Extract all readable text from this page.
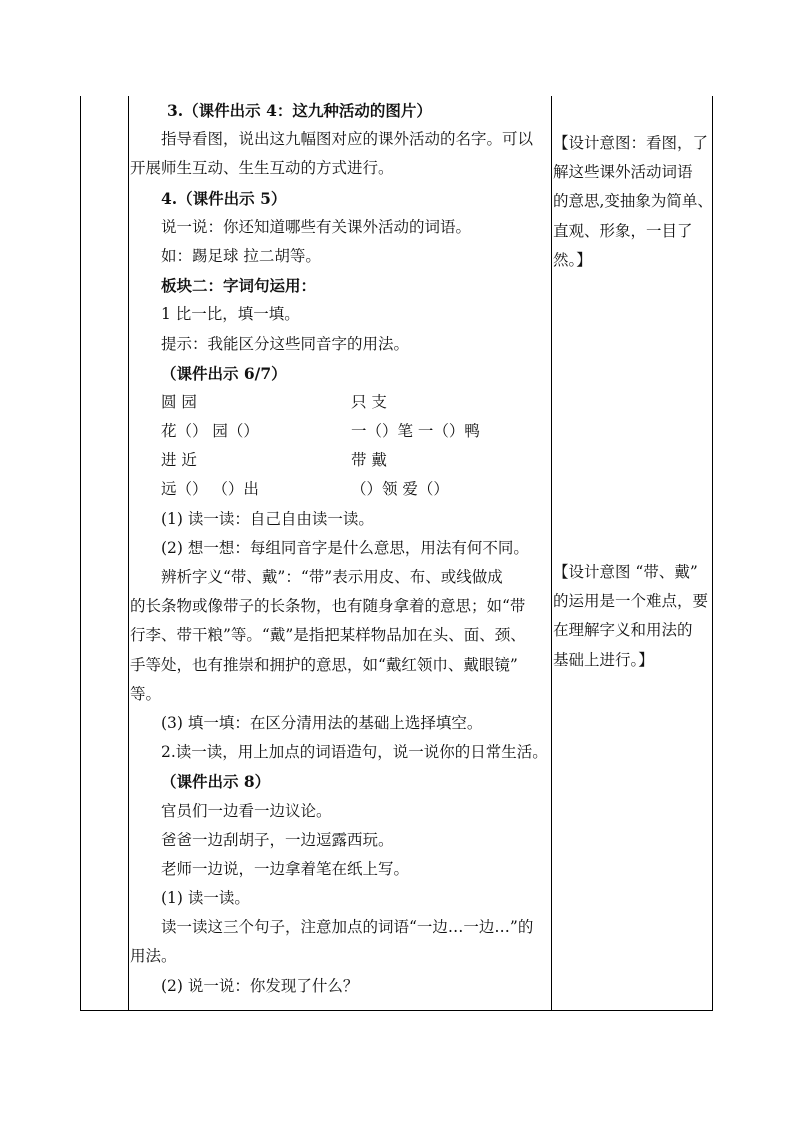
3.（课件出示 4：这九种活动的图片）
指导看图，说出这九幅图对应的课外活动的名字。可以
开展师生互动、生生互动的方式进行。
4.（课件出示 5）
说一说：你还知道哪些有关课外活动的词语。
如：踢足球 拉二胡等。
板块二：字词句运用：
1 比一比，填一填。
提示：我能区分这些同音字的用法。
（课件出示 6/7）
圆 园	只 支
花（） 园（）	一（）笔 一（）鸭
进 近	带 戴
远（） （）出	（）领 爱（）
(1) 读一读：自己自由读一读。
(2) 想一想：每组同音字是什么意思，用法有何不同。
辨析字义“带、戴”：“带”表示用皮、布、或线做成
的长条物或像带子的长条物，也有随身拿着的意思；如“带
行李、带干粮”等。“戴”是指把某样物品加在头、面、颈、
手等处，也有推崇和拥护的意思，如“戴红领巾、戴眼镜”
等。
(3) 填一填：在区分清用法的基础上选择填空。
2.读一读，用上加点的词语造句，说一说你的日常生活。
（课件出示 8）
官员们一边看一边议论。
爸爸一边刮胡子，一边逗露西玩。
老师一边说，一边拿着笔在纸上写。
(1) 读一读。
读一读这三个句子，注意加点的词语“一边…一边…”的
用法。
(2) 说一说：你发现了什么？
【设计意图：看图，了
解这些课外活动词语
的意思,变抽象为简单、
直观、形象，一目了
然。】
【设计意图 “带、戴”
的运用是一个难点，要
在理解字义和用法的
基础上进行。】
